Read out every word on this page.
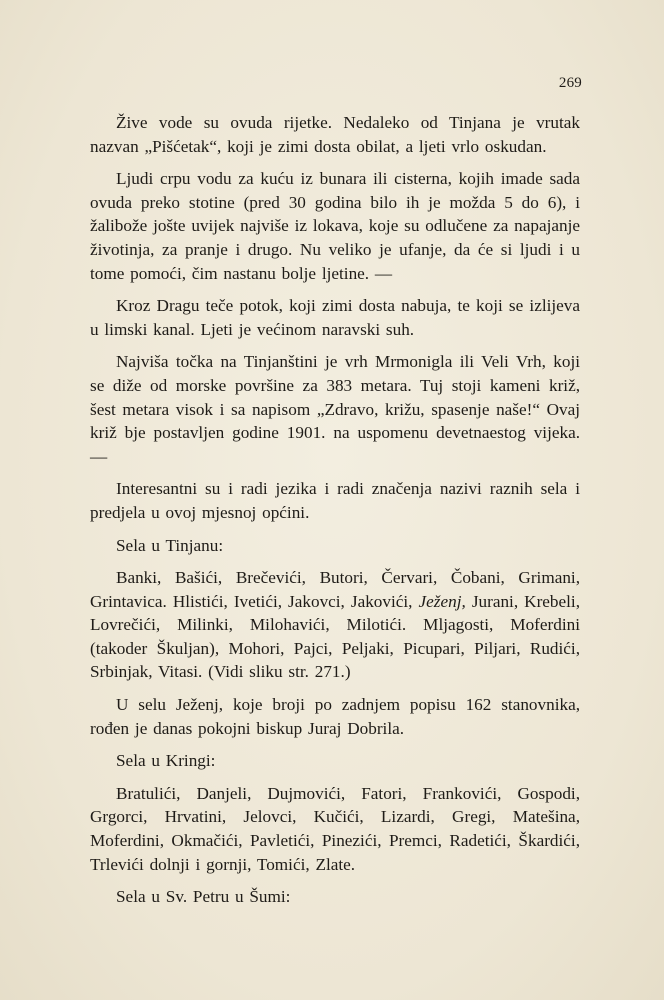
269

Žive vode su ovuda rijetke. Nedaleko od Tinjana je vrutak nazvan „Pišćetak“, koji je zimi dosta obilat, a ljeti vrlo oskudan.

Ljudi crpu vodu za kuću iz bunara ili cisterna, kojih imade sada ovuda preko stotine (pred 30 godina bilo ih je možda 5 do 6), i žalibože jošte uvijek najviše iz lokava, koje su odlučene za napajanje životinja, za pranje i drugo. Nu veliko je ufanje, da će si ljudi i u tome pomoći, čim nastanu bolje ljetine. —

Kroz Dragu teče potok, koji zimi dosta nabuja, te koji se izlijeva u limski kanal. Ljeti je većinom naravski suh.

Najviša točka na Tinjanštini je vrh Mrmoniglа ili Veli Vrh, koji se diže od morske površine za 383 metara. Tuj stoji kameni križ, šest metara visok i sa napisom „Zdravo, križu, spasenje naše!“ Ovaj križ bje postavljen godine 1901. na uspomenu devetnaestog vijeka. —

Interesantni su i radi jezika i radi značenja nazivi raznih sela i predjela u ovoj mjesnoj općini.

Sela u Tinjanu:

Banki, Bašići, Brečevići, Butori, Červari, Čobani, Grimani, Grintavica. Hlistići, Ivetići, Jakovci, Jakovići, Ježenj, Jurani, Krebeli, Lovrečići, Milinki, Milohavići, Milotići. Mljagosti, Moferdini (takoder Škuljan), Mohori, Pajci, Peljaki, Picupari, Piljari, Rudići, Srbinjak, Vitasi. (Vidi sliku str. 271.)

U selu Ježenj, koje broji po zadnjem popisu 162 stanovnika, rođen je danas pokojni biskup Juraj Dobrila.

Sela u Kringi:

Bratulići, Danjeli, Dujmovići, Fatori, Frankovići, Gospodi, Grgorci, Hrvatini, Jelovci, Kučići, Lizardi, Gregi, Matešina, Moferdini, Okmačići, Pavletići, Pinezići, Premci, Radetići, Škardići, Trlevići dolnji i gornji, Tomići, Zlate.

Sela u Sv. Petru u Šumi:
